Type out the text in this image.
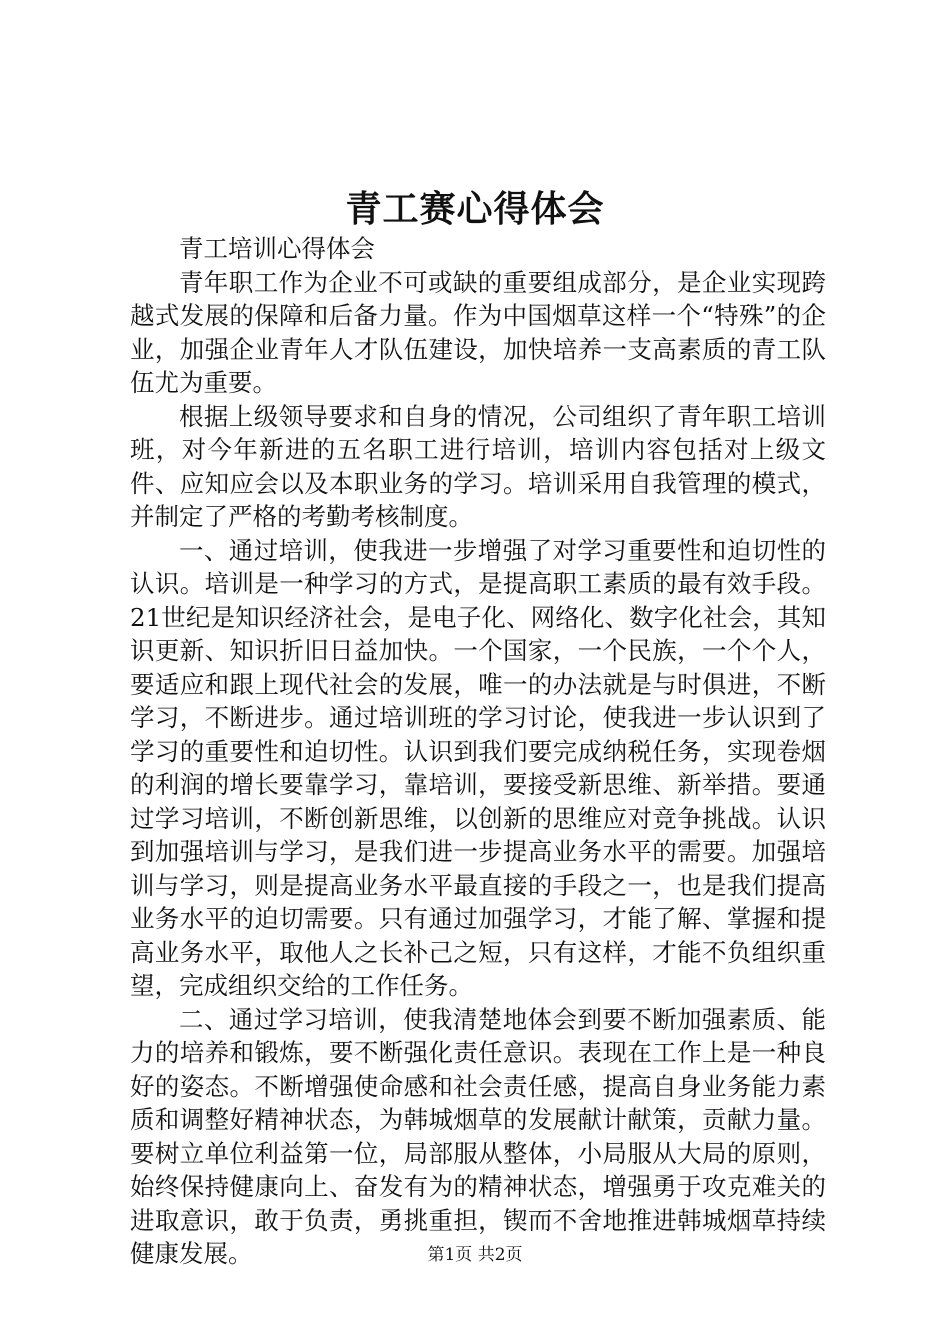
青工赛心得体会

青工培训心得体会

青年职工作为企业不可或缺的重要组成部分，是企业实现跨越式发展的保障和后备力量。作为中国烟草这样一个“特殊”的企业，加强企业青年人才队伍建设，加快培养一支高素质的青工队伍尤为重要。

根据上级领导要求和自身的情况，公司组织了青年职工培训班，对今年新进的五名职工进行培训，培训内容包括对上级文件、应知应会以及本职业务的学习。培训采用自我管理的模式，并制定了严格的考勤考核制度。

一、通过培训，使我进一步增强了对学习重要性和迫切性的认识。培训是一种学习的方式，是提高职工素质的最有效手段。21世纪是知识经济社会，是电子化、网络化、数字化社会，其知识更新、知识折旧日益加快。一个国家，一个民族，一个个人，要适应和跟上现代社会的发展，唯一的办法就是与时俱进，不断学习，不断进步。通过培训班的学习讨论，使我进一步认识到了学习的重要性和迫切性。认识到我们要完成纳税任务，实现卷烟的利润的增长要靠学习，靠培训，要接受新思维、新举措。要通过学习培训，不断创新思维，以创新的思维应对竞争挑战。认识到加强培训与学习，是我们进一步提高业务水平的需要。加强培训与学习，则是提高业务水平最直接的手段之一，也是我们提高业务水平的迫切需要。只有通过加强学习，才能了解、掌握和提高业务水平，取他人之长补己之短，只有这样，才能不负组织重望，完成组织交给的工作任务。

二、通过学习培训，使我清楚地体会到要不断加强素质、能力的培养和锻炼，要不断强化责任意识。表现在工作上是一种良好的姿态。不断增强使命感和社会责任感，提高自身业务能力素质和调整好精神状态，为韩城烟草的发展献计献策，贡献力量。要树立单位利益第一位，局部服从整体，小局服从大局的原则，始终保持健康向上、奋发有为的精神状态，增强勇于攻克难关的进取意识，敢于负责，勇挑重担，锲而不舍地推进韩城烟草持续健康发展。	第1页 共2页
